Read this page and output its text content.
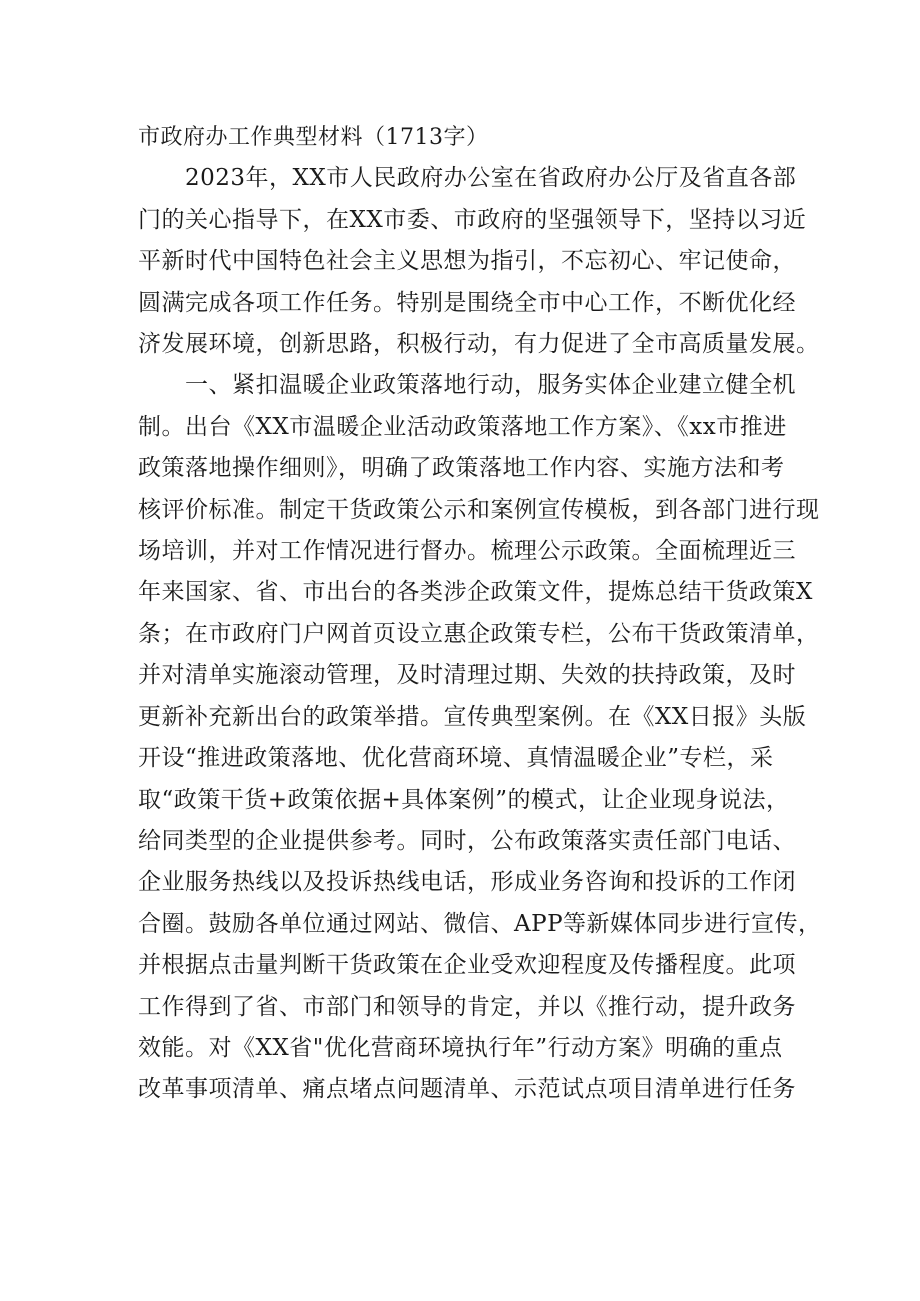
市政府办工作典型材料（1713字）

　　2023年，XX市人民政府办公室在省政府办公厅及省直各部
门的关心指导下，在XX市委、市政府的坚强领导下，坚持以习近
平新时代中国特色社会主义思想为指引，不忘初心、牢记使命，
圆满完成各项工作任务。特别是围绕全市中心工作，不断优化经
济发展环境，创新思路，积极行动，有力促进了全市高质量发展。

　　一、紧扣温暖企业政策落地行动，服务实体企业建立健全机
制。出台《XX市温暖企业活动政策落地工作方案》、《xx市推进
政策落地操作细则》，明确了政策落地工作内容、实施方法和考
核评价标准。制定干货政策公示和案例宣传模板，到各部门进行现
场培训，并对工作情况进行督办。梳理公示政策。全面梳理近三
年来国家、省、市出台的各类涉企政策文件，提炼总结干货政策X
条；在市政府门户网首页设立惠企政策专栏，公布干货政策清单，
并对清单实施滚动管理，及时清理过期、失效的扶持政策，及时
更新补充新出台的政策举措。宣传典型案例。在《XX日报》头版
开设“推进政策落地、优化营商环境、真情温暖企业”专栏，采
取“政策干货+政策依据+具体案例”的模式，让企业现身说法，
给同类型的企业提供参考。同时，公布政策落实责任部门电话、
企业服务热线以及投诉热线电话，形成业务咨询和投诉的工作闭
合圈。鼓励各单位通过网站、微信、APP等新媒体同步进行宣传，
并根据点击量判断干货政策在企业受欢迎程度及传播程度。此项
工作得到了省、市部门和领导的肯定，并以《推行动，提升政务
效能。对《XX省"优化营商环境执行年”行动方案》明确的重点
改革事项清单、痛点堵点问题清单、示范试点项目清单进行任务
